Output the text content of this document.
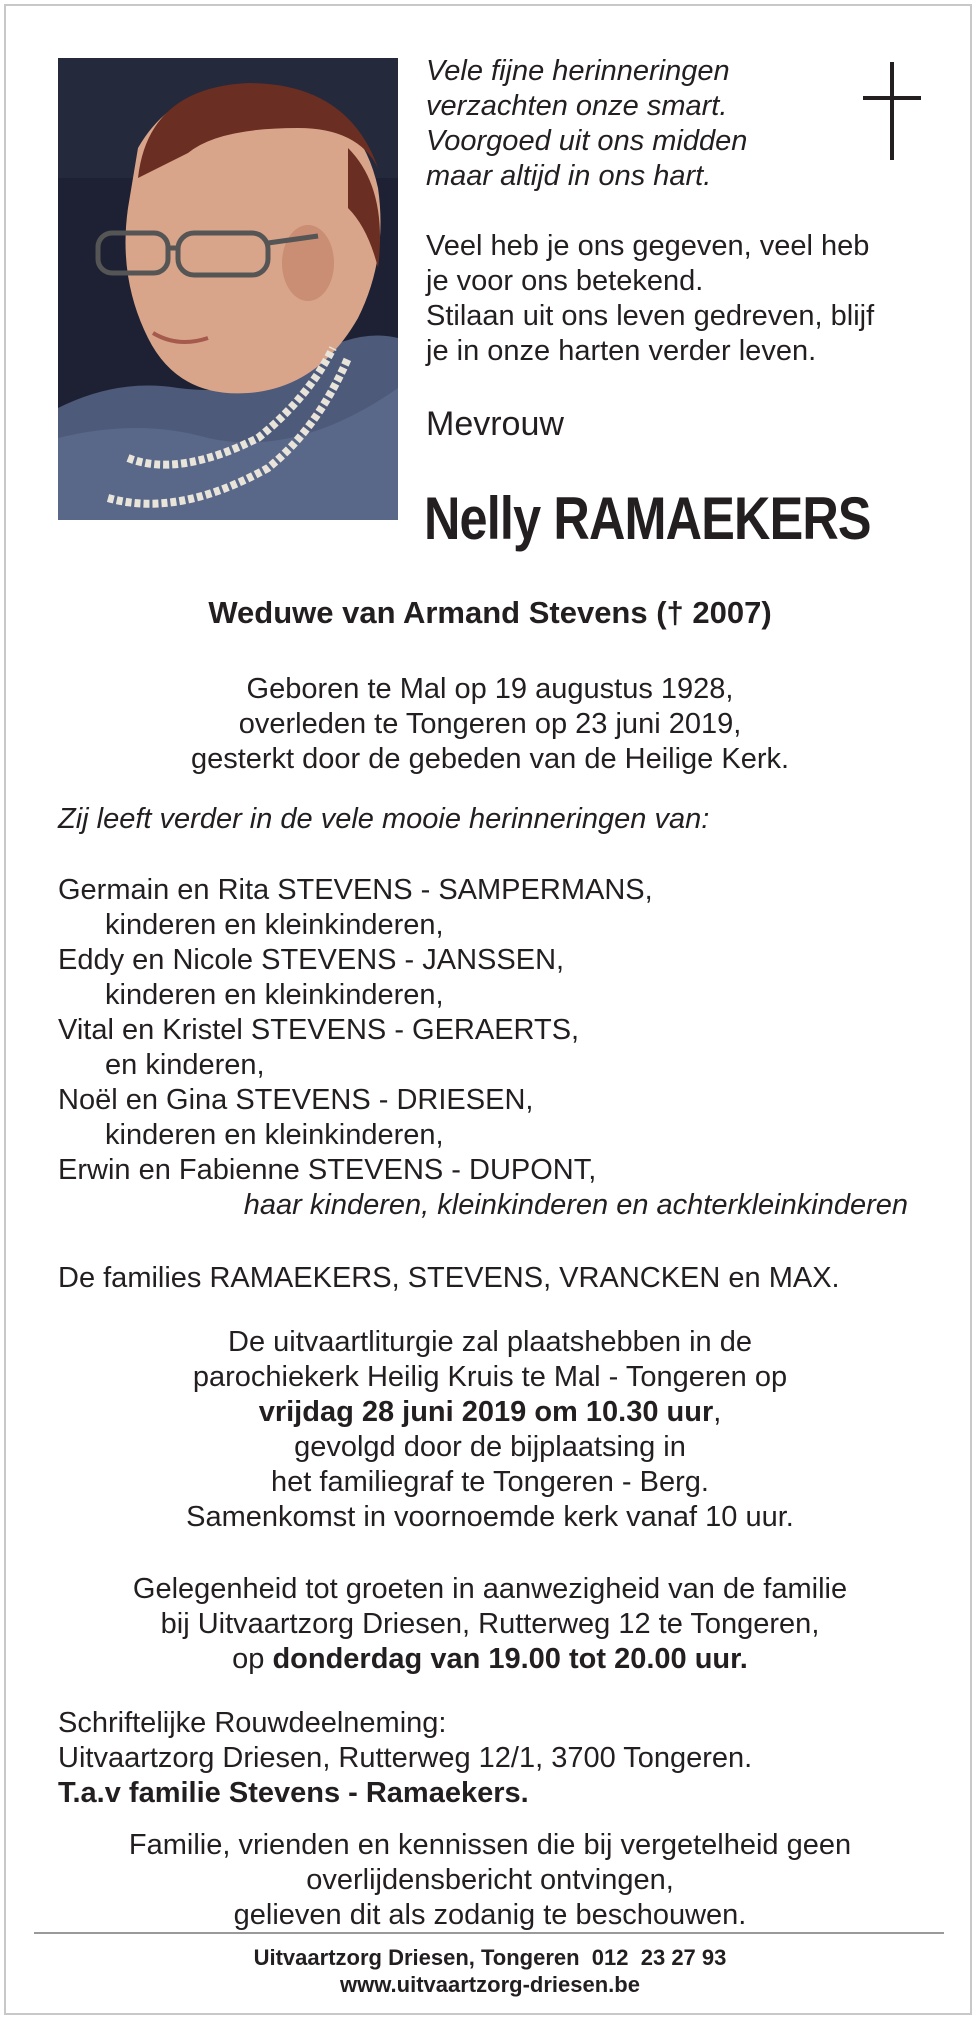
Vele fijne herinneringen

verzachten onze smart.

Voorgoed uit ons midden

maar altijd in ons hart.

Veel heb je ons gegeven, veel heb

je voor ons betekend.

Stilaan uit ons leven gedreven, blijf

je in onze harten verder leven.

Mevrouw
Nelly RAMAEKERS
Weduwe van Armand Stevens († 2007)

Geboren te Mal op 19 augustus 1928,

overleden te Tongeren op 23 juni 2019,

gesterkt door de gebeden van de Heilige Kerk.

Zij leeft verder in de vele mooie herinneringen van:

Germain en Rita STEVENS - SAMPERMANS,

kinderen en kleinkinderen,

Eddy en Nicole STEVENS - JANSSEN,

kinderen en kleinkinderen,

Vital en Kristel STEVENS - GERAERTS,

en kinderen,

Noël en Gina STEVENS - DRIESEN,

kinderen en kleinkinderen,

Erwin en Fabienne STEVENS - DUPONT,

haar kinderen, kleinkinderen en achterkleinkinderen

De families RAMAEKERS, STEVENS, VRANCKEN en MAX.

De uitvaartliturgie zal plaatshebben in de

parochiekerk Heilig Kruis te Mal - Tongeren op

vrijdag 28 juni 2019 om 10.30 uur,

gevolgd door de bijplaatsing in

het familiegraf te Tongeren - Berg.

Samenkomst in voornoemde kerk vanaf 10 uur.

Gelegenheid tot groeten in aanwezigheid van de familie

bij Uitvaartzorg Driesen, Rutterweg 12 te Tongeren,

op donderdag van 19.00 tot 20.00 uur.

Schriftelijke Rouwdeelneming:

Uitvaartzorg Driesen, Rutterweg 12/1, 3700 Tongeren.

T.a.v familie Stevens - Ramaekers.

Familie, vrienden en kennissen die bij vergetelheid geen

overlijdensbericht ontvingen,

gelieven dit als zodanig te beschouwen.

Uitvaartzorg Driesen, Tongeren  012  23 27 93

www.uitvaartzorg-driesen.be
